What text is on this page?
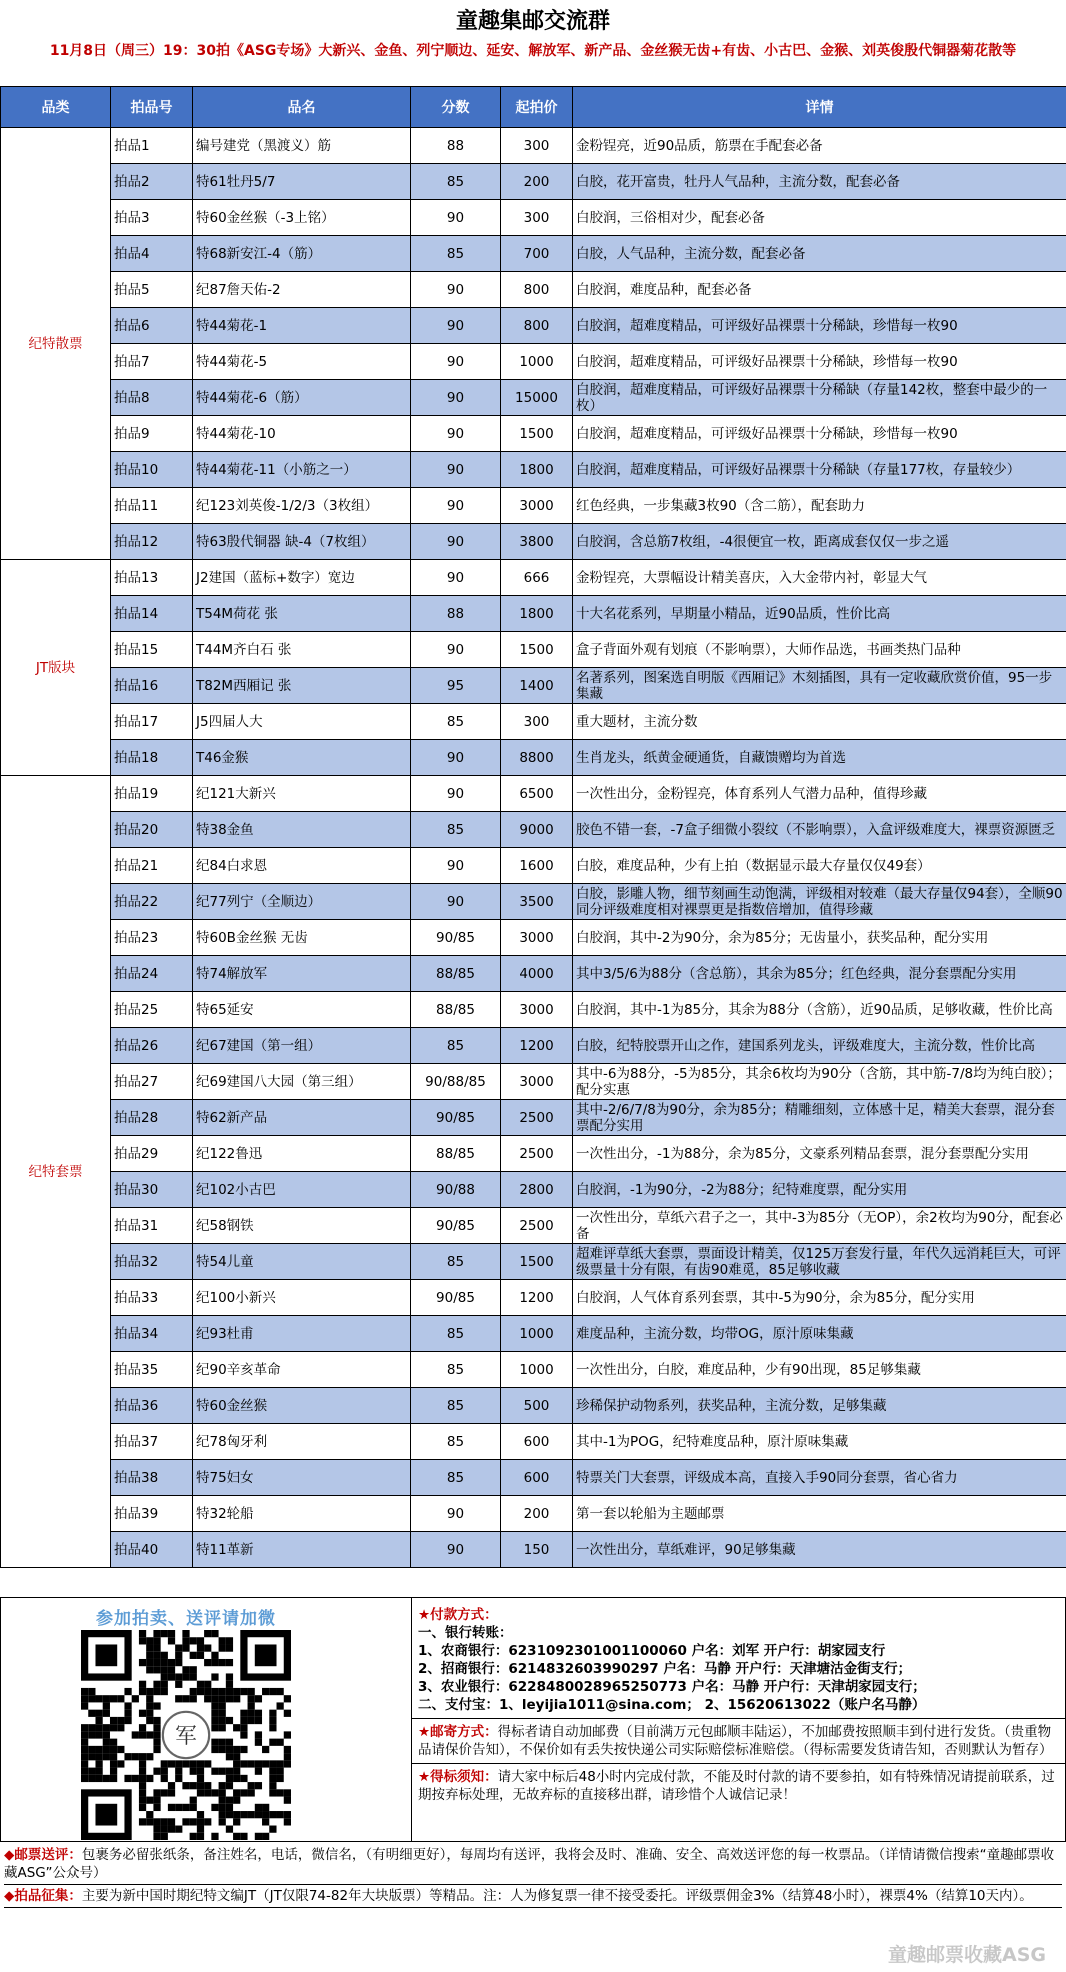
童趣集邮交流群
11月8日（周三）19：30拍《ASG专场》大新兴、金鱼、列宁顺边、延安、解放军、新产品、金丝猴无齿+有齿、小古巴、金猴、刘英俊殷代铜器菊花散等
品类	拍品号	品名	分数	起拍价	详情
纪特散票	拍品1	编号建党（黑渡义）筋	88	300	金粉锃亮，近90品质，筋票在手配套必备
	拍品2	特61牡丹5/7	85	200	白胶，花开富贵，牡丹人气品种，主流分数，配套必备
	拍品3	特60金丝猴（-3上铭）	90	300	白胶润，三俗相对少，配套必备
	拍品4	特68新安江-4（筋）	85	700	白胶，人气品种，主流分数，配套必备
	拍品5	纪87詹天佑-2	90	800	白胶润，难度品种，配套必备
	拍品6	特44菊花-1	90	800	白胶润，超难度精品，可评级好品裸票十分稀缺，珍惜每一枚90
	拍品7	特44菊花-5	90	1000	白胶润，超难度精品，可评级好品裸票十分稀缺，珍惜每一枚90
	拍品8	特44菊花-6（筋）	90	15000	白胶润，超难度精品，可评级好品裸票十分稀缺（存量142枚，整套中最少的一枚）
	拍品9	特44菊花-10	90	1500	白胶润，超难度精品，可评级好品裸票十分稀缺，珍惜每一枚90
	拍品10	特44菊花-11（小筋之一）	90	1800	白胶润，超难度精品，可评级好品裸票十分稀缺（存量177枚，存量较少）
	拍品11	纪123刘英俊-1/2/3（3枚组）	90	3000	红色经典，一步集藏3枚90（含二筋），配套助力
	拍品12	特63殷代铜器 缺-4（7枚组）	90	3800	白胶润，含总筋7枚组，-4很便宜一枚，距离成套仅仅一步之遥
JT版块	拍品13	J2建国（蓝标+数字）宽边	90	666	金粉锃亮，大票幅设计精美喜庆，入大金带内衬，彰显大气
	拍品14	T54M荷花 张	88	1800	十大名花系列，早期量小精品，近90品质，性价比高
	拍品15	T44M齐白石 张	90	1500	盒子背面外观有划痕（不影响票），大师作品选，书画类热门品种
	拍品16	T82M西厢记 张	95	1400	名著系列，图案选自明版《西厢记》木刻插图，具有一定收藏欣赏价值，95一步集藏
	拍品17	J5四届人大	85	300	重大题材，主流分数
	拍品18	T46金猴	90	8800	生肖龙头，纸黄金硬通货，自藏馈赠均为首选
纪特套票	拍品19	纪121大新兴	90	6500	一次性出分，金粉锃亮，体育系列人气潜力品种，值得珍藏
	拍品20	特38金鱼	85	9000	胶色不错一套，-7盒子细微小裂纹（不影响票），入盒评级难度大，裸票资源匮乏
	拍品21	纪84白求恩	90	1600	白胶，难度品种，少有上拍（数据显示最大存量仅仅49套）
	拍品22	纪77列宁（全顺边）	90	3500	白胶，影雕人物，细节刻画生动饱满，评级相对较难（最大存量仅94套），全顺90同分评级难度相对裸票更是指数倍增加，值得珍藏
	拍品23	特60B金丝猴 无齿	90/85	3000	白胶润，其中-2为90分，余为85分；无齿量小，获奖品种，配分实用
	拍品24	特74解放军	88/85	4000	其中3/5/6为88分（含总筋），其余为85分；红色经典，混分套票配分实用
	拍品25	特65延安	88/85	3000	白胶润，其中-1为85分，其余为88分（含筋），近90品质，足够收藏，性价比高
	拍品26	纪67建国（第一组）	85	1200	白胶，纪特胶票开山之作，建国系列龙头，评级难度大，主流分数，性价比高
	拍品27	纪69建国八大园（第三组）	90/88/85	3000	其中-6为88分，-5为85分，其余6枚均为90分（含筋，其中筋-7/8均为纯白胶）；配分实惠
	拍品28	特62新产品	90/85	2500	其中-2/6/7/8为90分，余为85分；精雕细刻，立体感十足，精美大套票，混分套票配分实用
	拍品29	纪122鲁迅	88/85	2500	一次性出分，-1为88分，余为85分，文豪系列精品套票，混分套票配分实用
	拍品30	纪102小古巴	90/88	2800	白胶润，-1为90分，-2为88分；纪特难度票，配分实用
	拍品31	纪58钢铁	90/85	2500	一次性出分，草纸六君子之一，其中-3为85分（无OP），余2枚均为90分，配套必备
	拍品32	特54儿童	85	1500	超难评草纸大套票，票面设计精美，仅125万套发行量，年代久远消耗巨大，可评级票量十分有限，有齿90难觅，85足够收藏
	拍品33	纪100小新兴	90/85	1200	白胶润，人气体育系列套票，其中-5为90分，余为85分，配分实用
	拍品34	纪93杜甫	85	1000	难度品种，主流分数，均带OG，原汁原味集藏
	拍品35	纪90辛亥革命	85	1000	一次性出分，白胶，难度品种，少有90出现，85足够集藏
	拍品36	特60金丝猴	85	500	珍稀保护动物系列，获奖品种，主流分数，足够集藏
	拍品37	纪78匈牙利	85	600	其中-1为POG，纪特难度品种，原汁原味集藏
	拍品38	特75妇女	85	600	特票关门大套票，评级成本高，直接入手90同分套票，省心省力
	拍品39	特32轮船	90	200	第一套以轮船为主题邮票
	拍品40	特11革新	90	150	一次性出分，草纸难评，90足够集藏
参加拍卖、送评请加微
军
★付款方式：
一、银行转账：
1、农商银行：6231092301001100060 户名：刘军 开户行：胡家园支行
2、招商银行：6214832603990297 户名：马静 开户行：天津塘沽金街支行；
3、农业银行：6228480028965250773 户名：马静 开户行：天津胡家园支行；
二、支付宝：1、leyijia1011@sina.com； 2、15620613022（账户名马静）
★邮寄方式：得标者请自动加邮费（目前满万元包邮顺丰陆运），不加邮费按照顺丰到付进行发货。（贵重物品请保价告知），不保价如有丢失按快递公司实际赔偿标准赔偿。（得标需要发货请告知，否则默认为暂存）
★得标须知：请大家中标后48小时内完成付款，不能及时付款的请不要参拍，如有特殊情况请提前联系，过期按弃标处理，无故弃标的直接移出群，请珍惜个人诚信记录！
◆邮票送评：包裹务必留张纸条，备注姓名，电话，微信名，（有明细更好），每周均有送评，我将会及时、准确、安全、高效送评您的每一枚票品。（详情请微信搜索“童趣邮票收藏ASG”公众号）
◆拍品征集：主要为新中国时期纪特文编JT（JT仅限74-82年大块版票）等精品。注：人为修复票一律不接受委托。评级票佣金3%（结算48小时），裸票4%（结算10天内）。
童趣邮票收藏ASG
